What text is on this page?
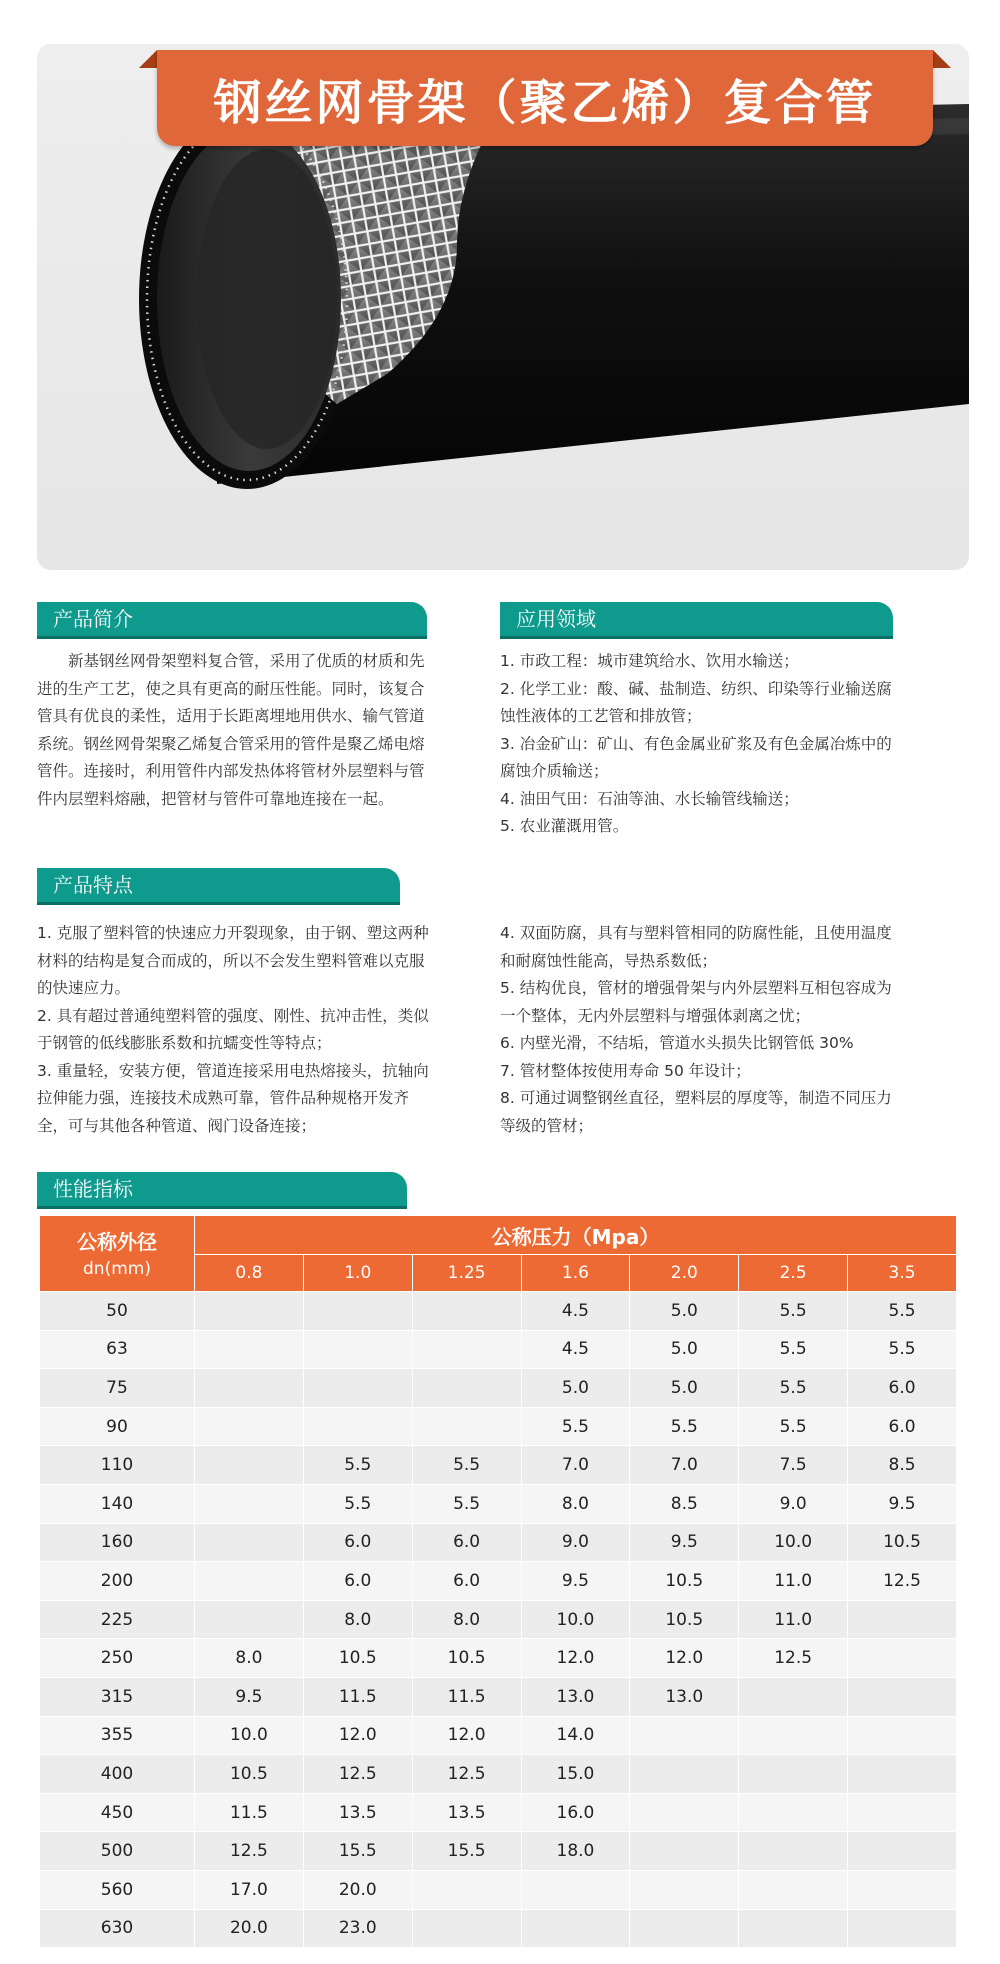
钢丝网骨架（聚乙烯）复合管
产品简介

新基钢丝网骨架塑料复合管，采用了优质的材质和先进的生产工艺，使之具有更高的耐压性能。同时，该复合管具有优良的柔性，适用于长距离埋地用供水、输气管道系统。钢丝网骨架聚乙烯复合管采用的管件是聚乙烯电熔管件。连接时，利用管件内部发热体将管材外层塑料与管件内层塑料熔融，把管材与管件可靠地连接在一起。

应用领域

1. 市政工程：城市建筑给水、饮用水输送；

2. 化学工业：酸、碱、盐制造、纺织、印染等行业输送腐蚀性液体的工艺管和排放管；

3. 冶金矿山：矿山、有色金属业矿浆及有色金属冶炼中的腐蚀介质输送；

4. 油田气田：石油等油、水长输管线输送；

5. 农业灌溉用管。

产品特点

1. 克服了塑料管的快速应力开裂现象，由于钢、塑这两种材料的结构是复合而成的，所以不会发生塑料管难以克服的快速应力。

2. 具有超过普通纯塑料管的强度、刚性、抗冲击性，类似于钢管的低线膨胀系数和抗蠕变性等特点；

3. 重量轻，安装方便，管道连接采用电热熔接头，抗轴向拉伸能力强，连接技术成熟可靠，管件品种规格开发齐全，可与其他各种管道、阀门设备连接；

4. 双面防腐，具有与塑料管相同的防腐性能，且使用温度和耐腐蚀性能高，导热系数低；

5. 结构优良，管材的增强骨架与内外层塑料互相包容成为一个整体，无内外层塑料与增强体剥离之忧；

6. 内壁光滑，不结垢，管道水头损失比钢管低 30%

7. 管材整体按使用寿命 50 年设计；

8. 可通过调整钢丝直径，塑料层的厚度等，制造不同压力等级的管材；

性能指标
公称外径
dn(mm)	公称压力（Mpa）						
	0.8	1.0	1.25	1.6	2.0	2.5	3.5
50				4.5	5.0	5.5	5.5
63				4.5	5.0	5.5	5.5
75				5.0	5.0	5.5	6.0
90				5.5	5.5	5.5	6.0
110		5.5	5.5	7.0	7.0	7.5	8.5
140		5.5	5.5	8.0	8.5	9.0	9.5
160		6.0	6.0	9.0	9.5	10.0	10.5
200		6.0	6.0	9.5	10.5	11.0	12.5
225		8.0	8.0	10.0	10.5	11.0	
250	8.0	10.5	10.5	12.0	12.0	12.5	
315	9.5	11.5	11.5	13.0	13.0		
355	10.0	12.0	12.0	14.0			
400	10.5	12.5	12.5	15.0			
450	11.5	13.5	13.5	16.0			
500	12.5	15.5	15.5	18.0			
560	17.0	20.0					
630	20.0	23.0					
